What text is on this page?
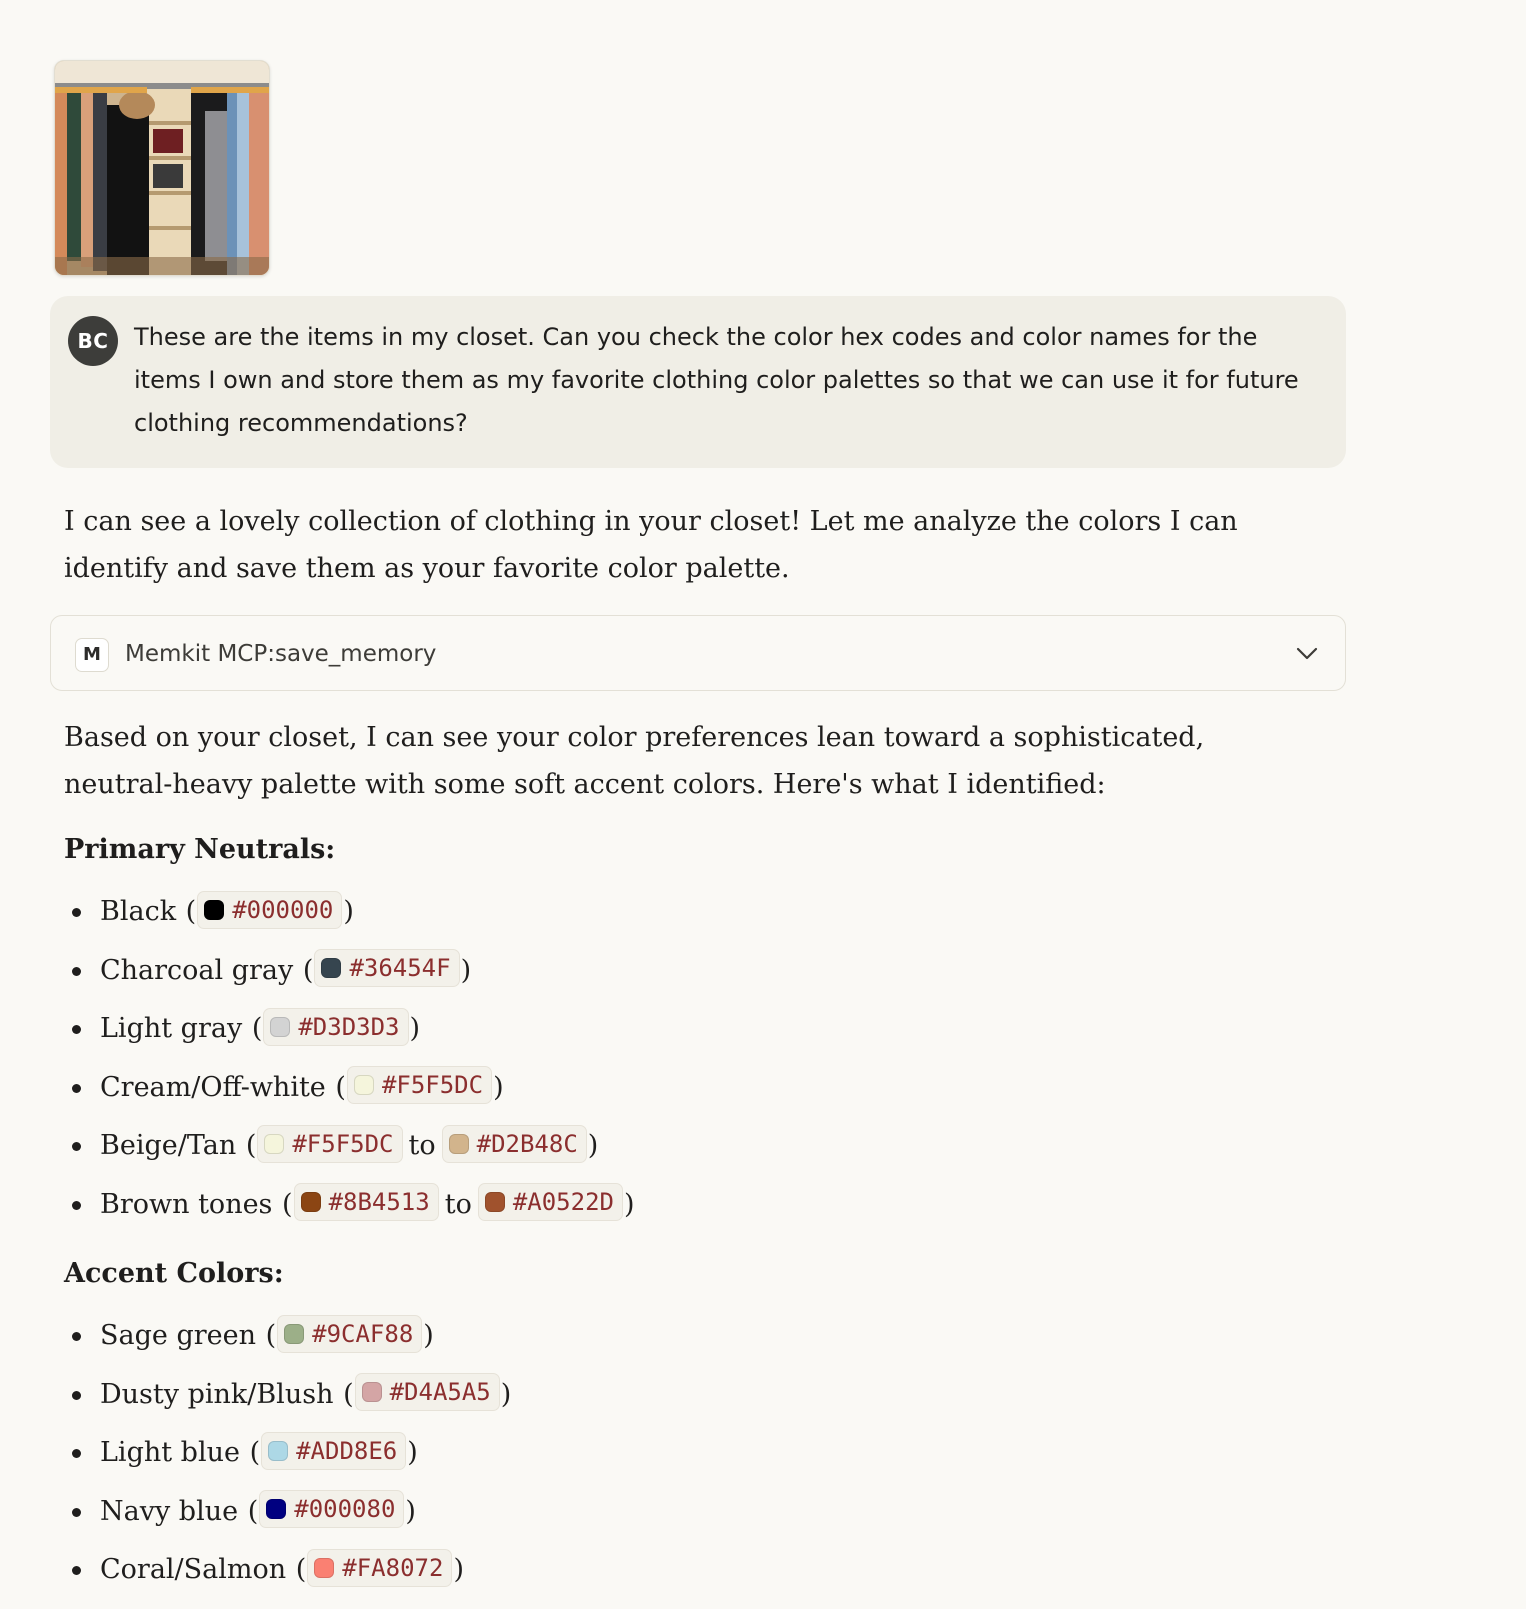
BC	These are the items in my closet. Can you check the color hex codes and color names for the items I own and store them as my favorite clothing color palettes so that we can use it for future clothing recommendations?

I can see a lovely collection of clothing in your closet! Let me analyze the colors I can identify and save them as your favorite color palette.

M	Memkit MCP:save_memory

Based on your closet, I can see your color preferences lean toward a sophisticated, neutral-heavy palette with some soft accent colors. Here's what I identified:

Primary Neutrals:
Black ( #000000 )
Charcoal gray ( #36454F )
Light gray ( #D3D3D3 )
Cream/Off-white ( #F5F5DC )
Beige/Tan ( #F5F5DC to #D2B48C )
Brown tones ( #8B4513 to #A0522D )
Accent Colors:
Sage green ( #9CAF88 )
Dusty pink/Blush ( #D4A5A5 )
Light blue ( #ADD8E6 )
Navy blue ( #000080 )
Coral/Salmon ( #FA8072 )
